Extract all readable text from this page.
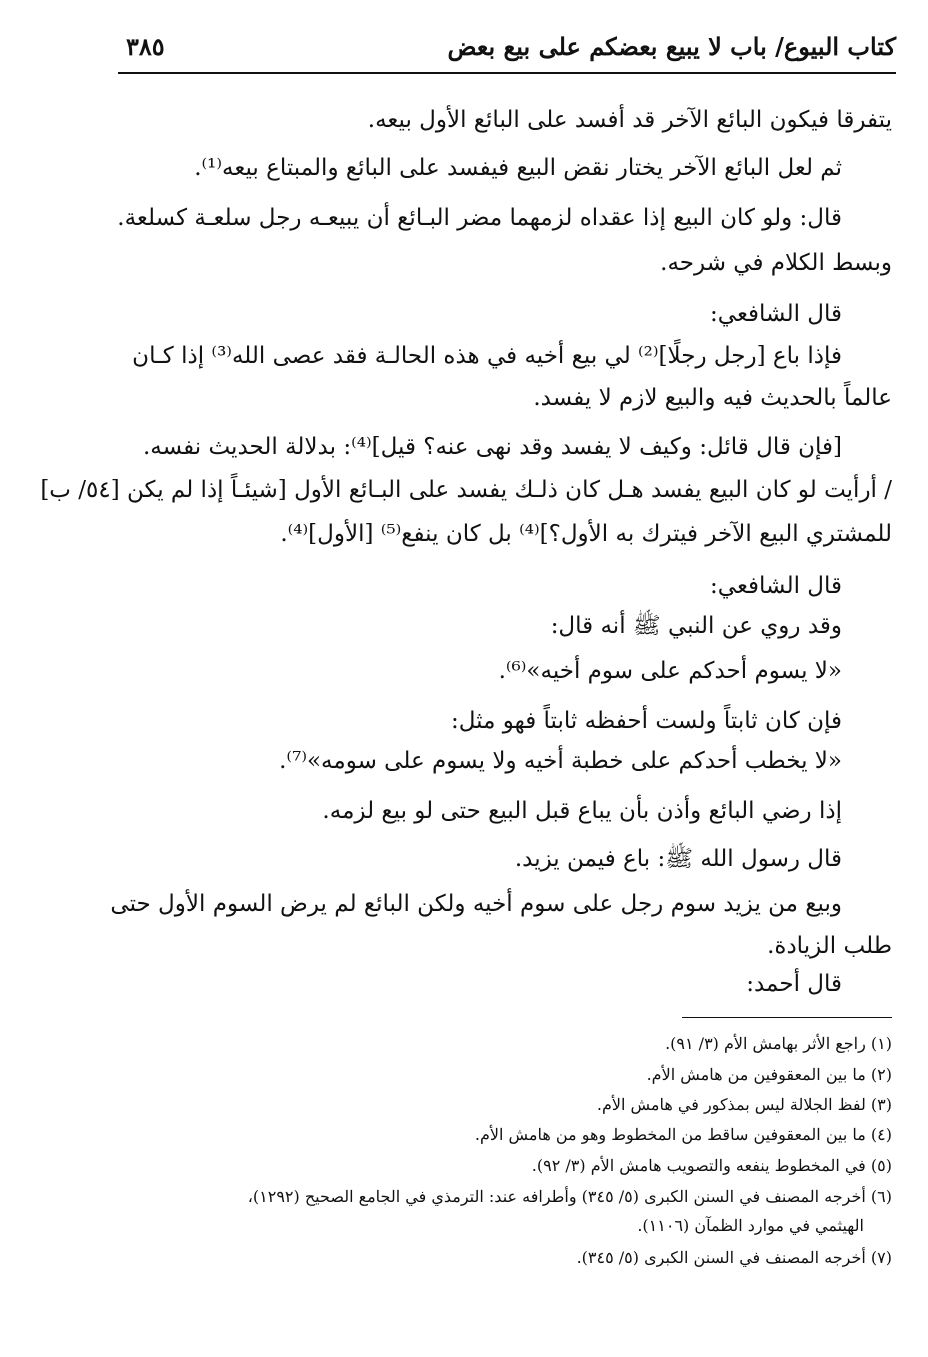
كتاب البيوع/ باب لا يبيع بعضكم على بيع بعض
٣٨٥
يتفرقا فيكون البائع الآخر قد أفسد على البائع الأول بيعه.
ثم لعل البائع الآخر يختار نقض البيع فيفسد على البائع والمبتاع بيعه⁽¹⁾.
قال: ولو كان البيع إذا عقداه لزمهما مضر البـائع أن يبيعـه رجل سلعـة كسلعة.
وبسط الكلام في شرحه.
قال الشافعي:
فإذا باع [رجل رجلًا]⁽²⁾ لي بيع أخيه في هذه الحالـة فقد عصى الله⁽³⁾ إذا كـان
عالماً بالحديث فيه والبيع لازم لا يفسد.
[فإن قال قائل: وكيف لا يفسد وقد نهى عنه؟ قيل]⁽⁴⁾: بدلالة الحديث نفسه.
/ أرأيت لو كان البيع يفسد هـل كان ذلـك يفسد على البـائع الأول [شيئـاً إذا لم يكن [٥٤/ ب]
للمشتري البيع الآخر فيترك به الأول؟]⁽⁴⁾ بل كان ينفع⁽⁵⁾ [الأول]⁽⁴⁾.
قال الشافعي:
وقد روي عن النبي ﷺ أنه قال:
«لا يسوم أحدكم على سوم أخيه»⁽⁶⁾.
فإن كان ثابتاً ولست أحفظه ثابتاً فهو مثل:
«لا يخطب أحدكم على خطبة أخيه ولا يسوم على سومه»⁽⁷⁾.
إذا رضي البائع وأذن بأن يباع قبل البيع حتى لو بيع لزمه.
قال رسول الله ﷺ: باع فيمن يزيد.
وبيع من يزيد سوم رجل على سوم أخيه ولكن البائع لم يرض السوم الأول حتى
طلب الزيادة.
قال أحمد:
(١) راجع الأثر بهامش الأم (٣/ ٩١).
(٢) ما بين المعقوفين من هامش الأم.
(٣) لفظ الجلالة ليس بمذكور في هامش الأم.
(٤) ما بين المعقوفين ساقط من المخطوط وهو من هامش الأم.
(٥) في المخطوط ينفعه والتصويب هامش الأم (٣/ ٩٢).
(٦) أخرجه المصنف في السنن الكبرى (٥/ ٣٤٥) وأطرافه عند: الترمذي في الجامع الصحيح (١٢٩٢)،
الهيثمي في موارد الظمآن (١١٠٦).
(٧) أخرجه المصنف في السنن الكبرى (٥/ ٣٤٥).
